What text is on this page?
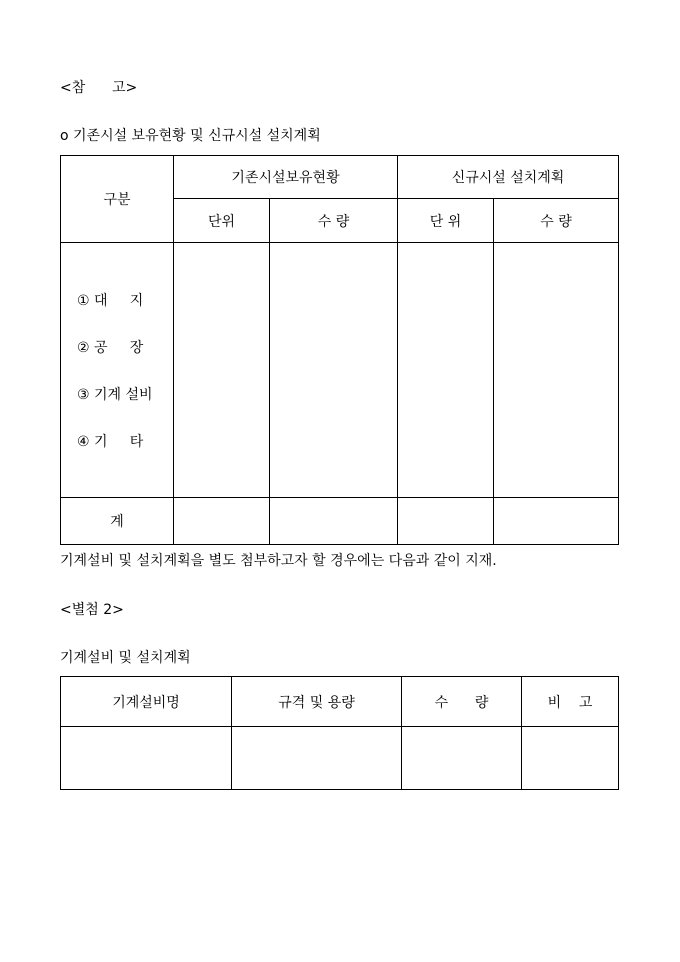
<참      고>
ο 기존시설 보유현황 및 신규시설 설치계획
구분	기존시설보유현황		신규시설 설치계획	
	단위	수 량	단 위	수 량

① 대     지
② 공     장
③ 기계 설비
④ 기     타				

계				
기계설비 및 설치계획을 별도 첨부하고자 할 경우에는 다음과 같이 지재.
<별첨 2>
기계설비 및 설치계획
기계설비명	규격 및 용량	수      량	비    고
